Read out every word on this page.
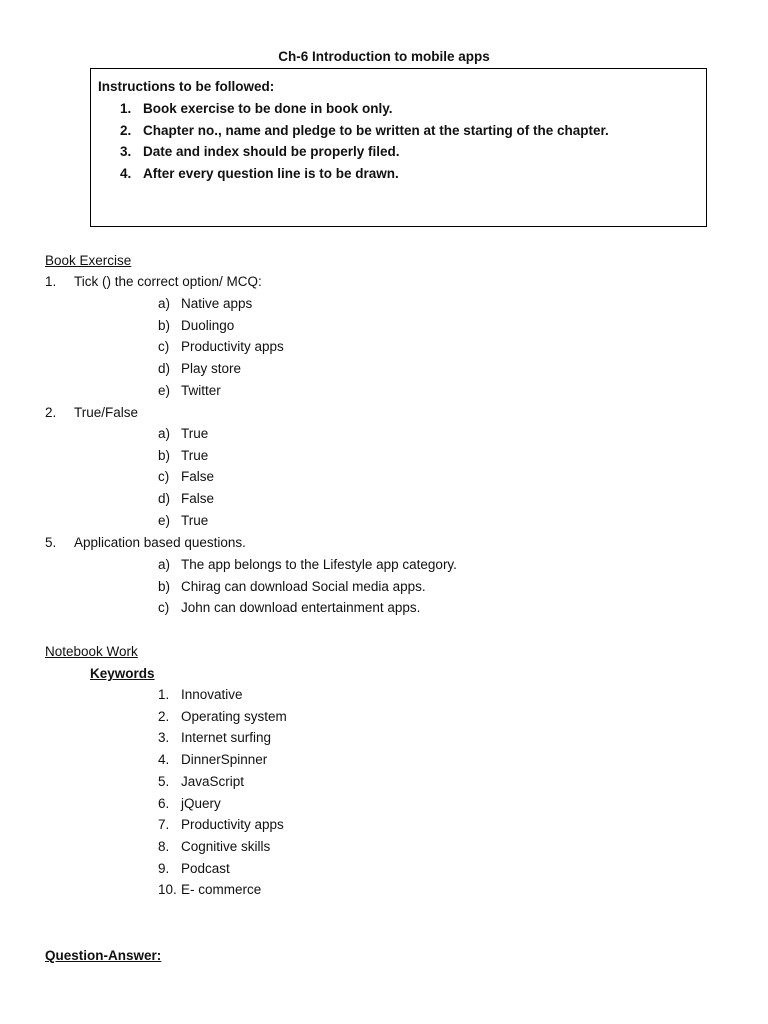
Ch-6 Introduction to mobile apps
Instructions to be followed:
1. Book exercise to be done in book only.
2. Chapter no., name and pledge to be written at the starting of the chapter.
3. Date and index should be properly filed.
4. After every question line is to be drawn.
Book Exercise
1. Tick () the correct option/ MCQ:
a) Native apps
b) Duolingo
c) Productivity apps
d) Play store
e) Twitter
2. True/False
a) True
b) True
c) False
d) False
e) True
5. Application based questions.
a) The app belongs to the Lifestyle app category.
b) Chirag can download Social media apps.
c) John can download entertainment apps.
Notebook Work
Keywords
1. Innovative
2. Operating system
3. Internet surfing
4. DinnerSpinner
5. JavaScript
6. jQuery
7. Productivity apps
8. Cognitive skills
9. Podcast
10. E- commerce
Question-Answer:
